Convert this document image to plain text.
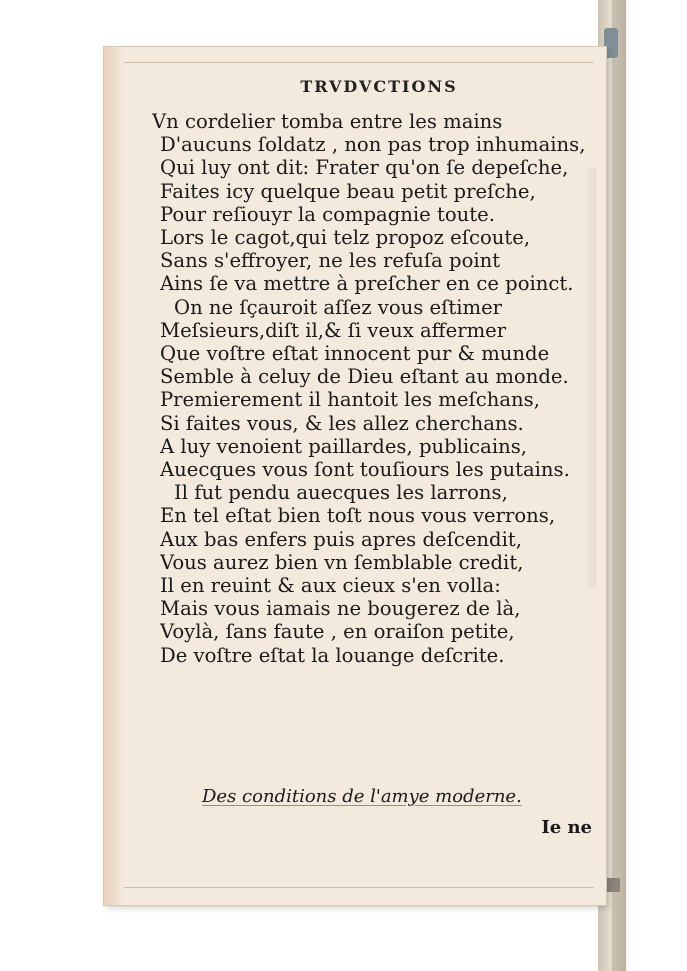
TRVDVCTIONS

Vn cordelier tomba entre les mains

D'aucuns ſoldatz , non pas trop inhumains,

Qui luy ont dit: Frater qu'on ſe depeſche,

Faites icy quelque beau petit preſche,

Pour reſiouyr la compagnie toute.

Lors le cagot,qui telz propoz eſcoute,

Sans s'effroyer, ne les refuſa point

Ains ſe va mettre à preſcher en ce poinct.

On ne ſçauroit aſſez vous eſtimer

Meſsieurs,diſt il,& ſi veux affermer

Que voſtre eſtat innocent pur & munde

Semble à celuy de Dieu eſtant au monde.

Premierement il hantoit les meſchans,

Si faites vous, & les allez cherchans.

A luy venoient paillardes, publicains,

Auecques vous ſont touſiours les putains.

Il fut pendu auecques les larrons,

En tel eſtat bien toſt nous vous verrons,

Aux bas enfers puis apres deſcendit,

Vous aurez bien vn ſemblable credit,

Il en reuint & aux cieux s'en volla:

Mais vous iamais ne bougerez de là,

Voylà, ſans faute , en oraiſon petite,

De voſtre eſtat la louange deſcrite.

Des conditions de l'amye moderne.
Ie ne
